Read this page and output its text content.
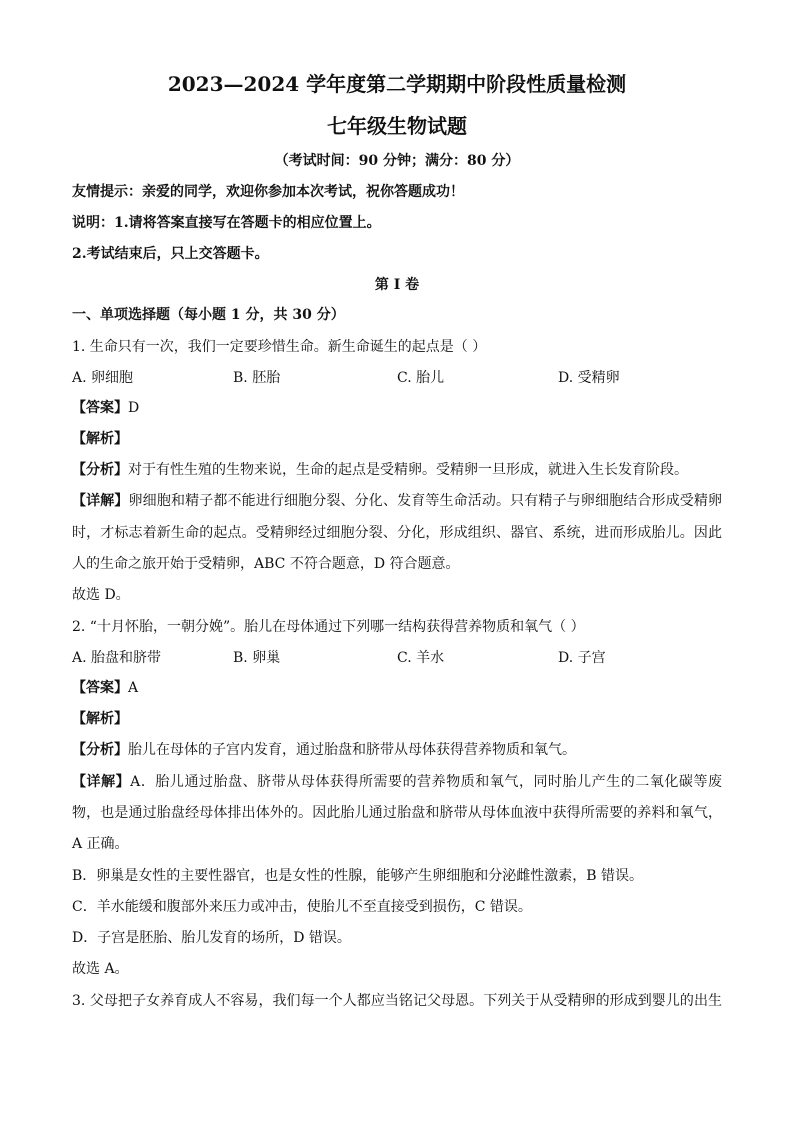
2023—2024 学年度第二学期期中阶段性质量检测
七年级生物试题
（考试时间：90 分钟；满分：80 分）
友情提示：亲爱的同学，欢迎你参加本次考试，祝你答题成功！
说明：1.请将答案直接写在答题卡的相应位置上。
2.考试结束后，只上交答题卡。
第 I 卷
一、单项选择题（每小题 1 分，共 30 分）
1. 生命只有一次，我们一定要珍惜生命。新生命诞生的起点是（ ）
A. 卵细胞	B. 胚胎	C. 胎儿	D. 受精卵
【答案】D
【解析】
【分析】对于有性生殖的生物来说，生命的起点是受精卵。受精卵一旦形成，就进入生长发育阶段。
【详解】卵细胞和精子都不能进行细胞分裂、分化、发育等生命活动。只有精子与卵细胞结合形成受精卵
时，才标志着新生命的起点。受精卵经过细胞分裂、分化，形成组织、器官、系统，进而形成胎儿。因此
人的生命之旅开始于受精卵，ABC 不符合题意，D 符合题意。
故选 D。
2. “十月怀胎，一朝分娩”。胎儿在母体通过下列哪一结构获得营养物质和氧气（ ）
A. 胎盘和脐带	B. 卵巢	C. 羊水	D. 子宫
【答案】A
【解析】
【分析】胎儿在母体的子宫内发育，通过胎盘和脐带从母体获得营养物质和氧气。
【详解】A．胎儿通过胎盘、脐带从母体获得所需要的营养物质和氧气，同时胎儿产生的二氧化碳等废
物，也是通过胎盘经母体排出体外的。因此胎儿通过胎盘和脐带从母体血液中获得所需要的养料和氧气，
A 正确。
B．卵巢是女性的主要性器官，也是女性的性腺，能够产生卵细胞和分泌雌性激素，B 错误。
C．羊水能缓和腹部外来压力或冲击，使胎儿不至直接受到损伤，C 错误。
D．子宫是胚胎、胎儿发育的场所，D 错误。
故选 A。
3. 父母把子女养育成人不容易，我们每一个人都应当铭记父母恩。下列关于从受精卵的形成到婴儿的出生
